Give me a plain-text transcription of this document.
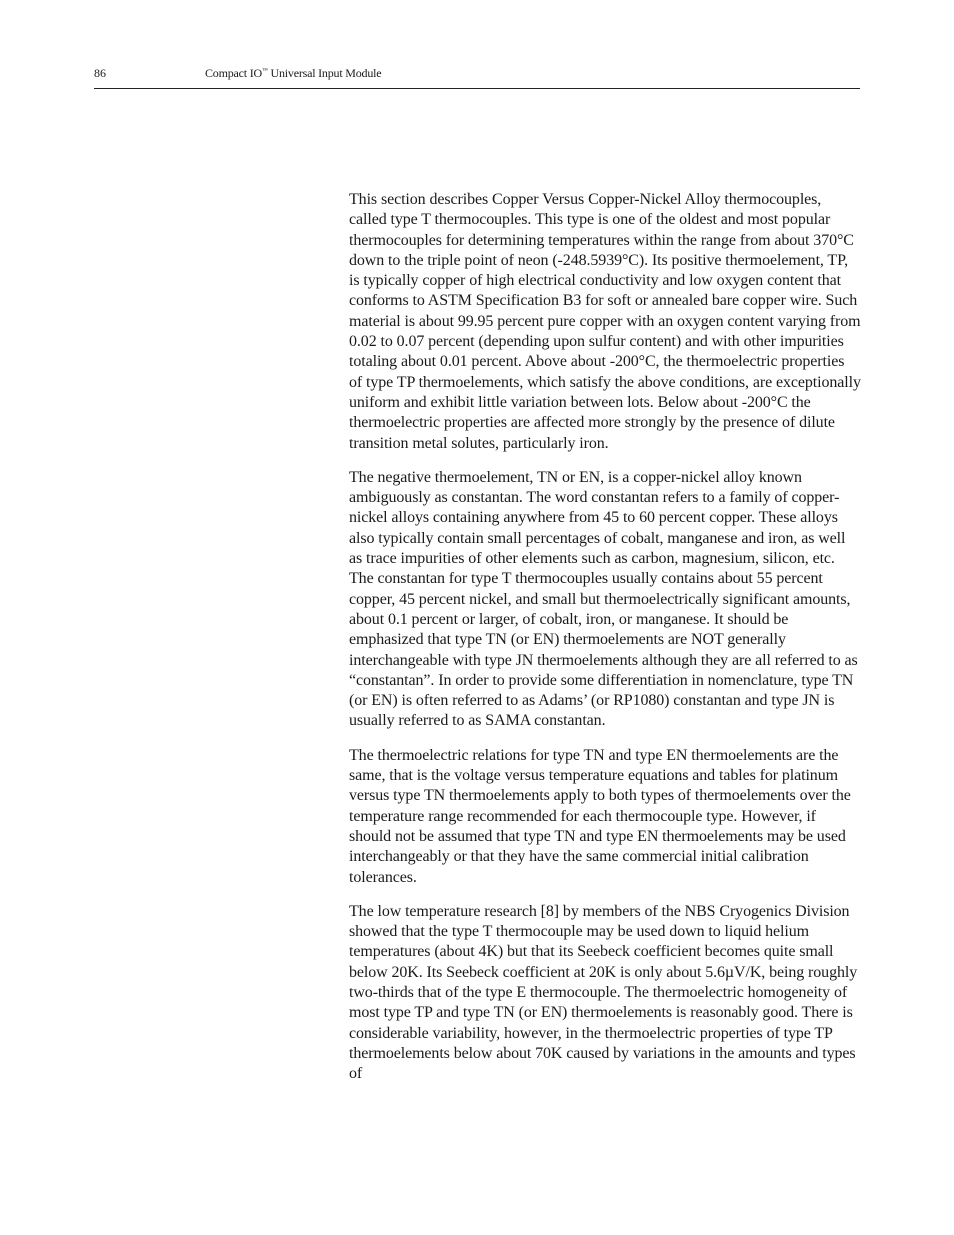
86	Compact IO™ Universal Input Module

This section describes Copper Versus Copper-Nickel Alloy thermocouples, called type T thermocouples. This type is one of the oldest and most popular thermocouples for determining temperatures within the range from about 370°C down to the triple point of neon (-248.5939°C). Its positive thermoelement, TP, is typically copper of high electrical conductivity and low oxygen content that conforms to ASTM Specification B3 for soft or annealed bare copper wire. Such material is about 99.95 percent pure copper with an oxygen content varying from 0.02 to 0.07 percent (depending upon sulfur content) and with other impurities totaling about 0.01 percent. Above about -200°C, the thermoelectric properties of type TP thermoelements, which satisfy the above conditions, are exceptionally uniform and exhibit little variation between lots. Below about -200°C the thermoelectric properties are affected more strongly by the presence of dilute transition metal solutes, particularly iron.

The negative thermoelement, TN or EN, is a copper-nickel alloy known ambiguously as constantan. The word constantan refers to a family of copper-nickel alloys containing anywhere from 45 to 60 percent copper. These alloys also typically contain small percentages of cobalt, manganese and iron, as well as trace impurities of other elements such as carbon, magnesium, silicon, etc. The constantan for type T thermocouples usually contains about 55 percent copper, 45 percent nickel, and small but thermoelectrically significant amounts, about 0.1 percent or larger, of cobalt, iron, or manganese. It should be emphasized that type TN (or EN) thermoelements are NOT generally interchangeable with type JN thermoelements although they are all referred to as “constantan”. In order to provide some differentiation in nomenclature, type TN (or EN) is often referred to as Adams’ (or RP1080) constantan and type JN is usually referred to as SAMA constantan.

The thermoelectric relations for type TN and type EN thermoelements are the same, that is the voltage versus temperature equations and tables for platinum versus type TN thermoelements apply to both types of thermoelements over the temperature range recommended for each thermocouple type. However, if should not be assumed that type TN and type EN thermoelements may be used interchangeably or that they have the same commercial initial calibration tolerances.

The low temperature research [8] by members of the NBS Cryogenics Division showed that the type T thermocouple may be used down to liquid helium temperatures (about 4K) but that its Seebeck coefficient becomes quite small below 20K. Its Seebeck coefficient at 20K is only about 5.6µV/K, being roughly two-thirds that of the type E thermocouple. The thermoelectric homogeneity of most type TP and type TN (or EN) thermoelements is reasonably good. There is considerable variability, however, in the thermoelectric properties of type TP thermoelements below about 70K caused by variations in the amounts and types of
